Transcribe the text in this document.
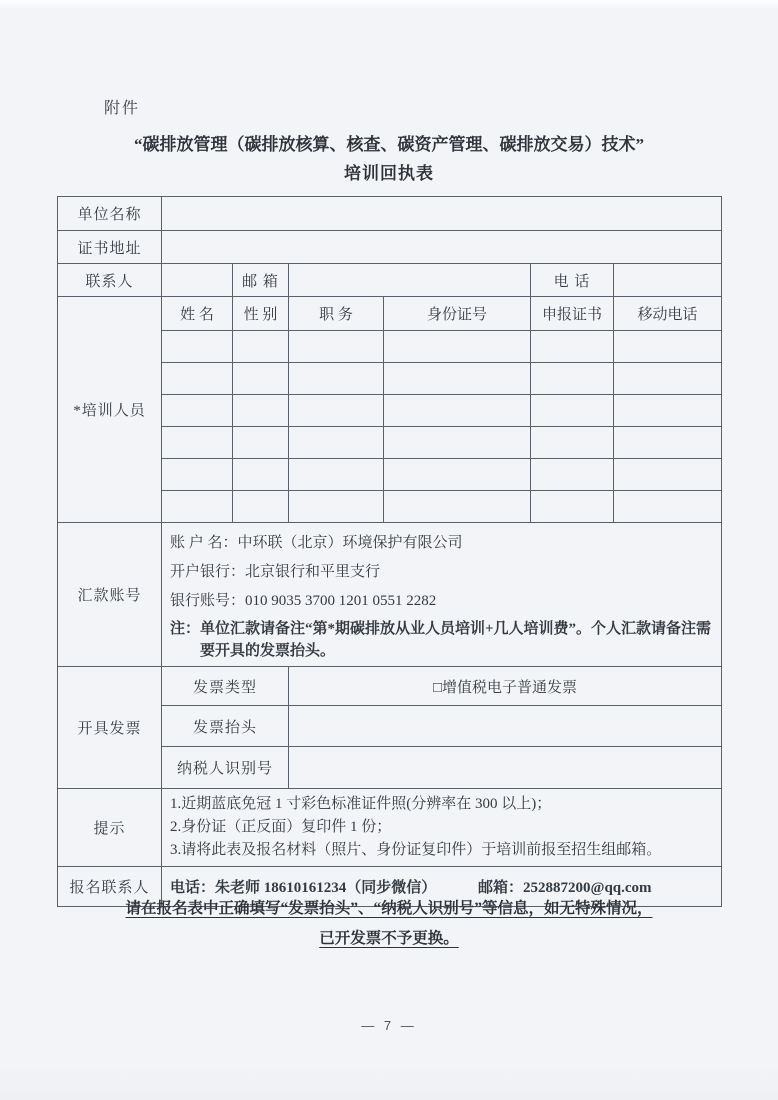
附件
“碳排放管理（碳排放核算、核查、碳资产管理、碳排放交易）技术”
培训回执表
单位名称						
证书地址						
联系人		邮 箱			电 话	
*培训人员	姓 名	性 别	职 务	身份证号	申报证书	移动电话

汇款账号	账 户 名：中环联（北京）环境保护有限公司
开户银行：北京银行和平里支行
银行账号：010 9035 3700 1201 0551 2282
注：单位汇款请备注“第*期碳排放从业人员培训+几人培训费”。个人汇款请备注需要开具的发票抬头。					

开具发票	发票类型		□增值税电子普通发票			
	发票抬头					
	纳税人识别号					
提示	1.近期蓝底免冠 1 寸彩色标准证件照(分辨率在 300 以上)；
2.身份证（正反面）复印件 1 份；
3.请将此表及报名材料（照片、身份证复印件）于培训前报至招生组邮箱。					

报名联系人	电话：朱老师 18610161234（同步微信） 邮箱：252887200@qq.com					
请在报名表中正确填写“发票抬头”、“纳税人识别号”等信息，如无特殊情况，
已开发票不予更换。
— 7 —
